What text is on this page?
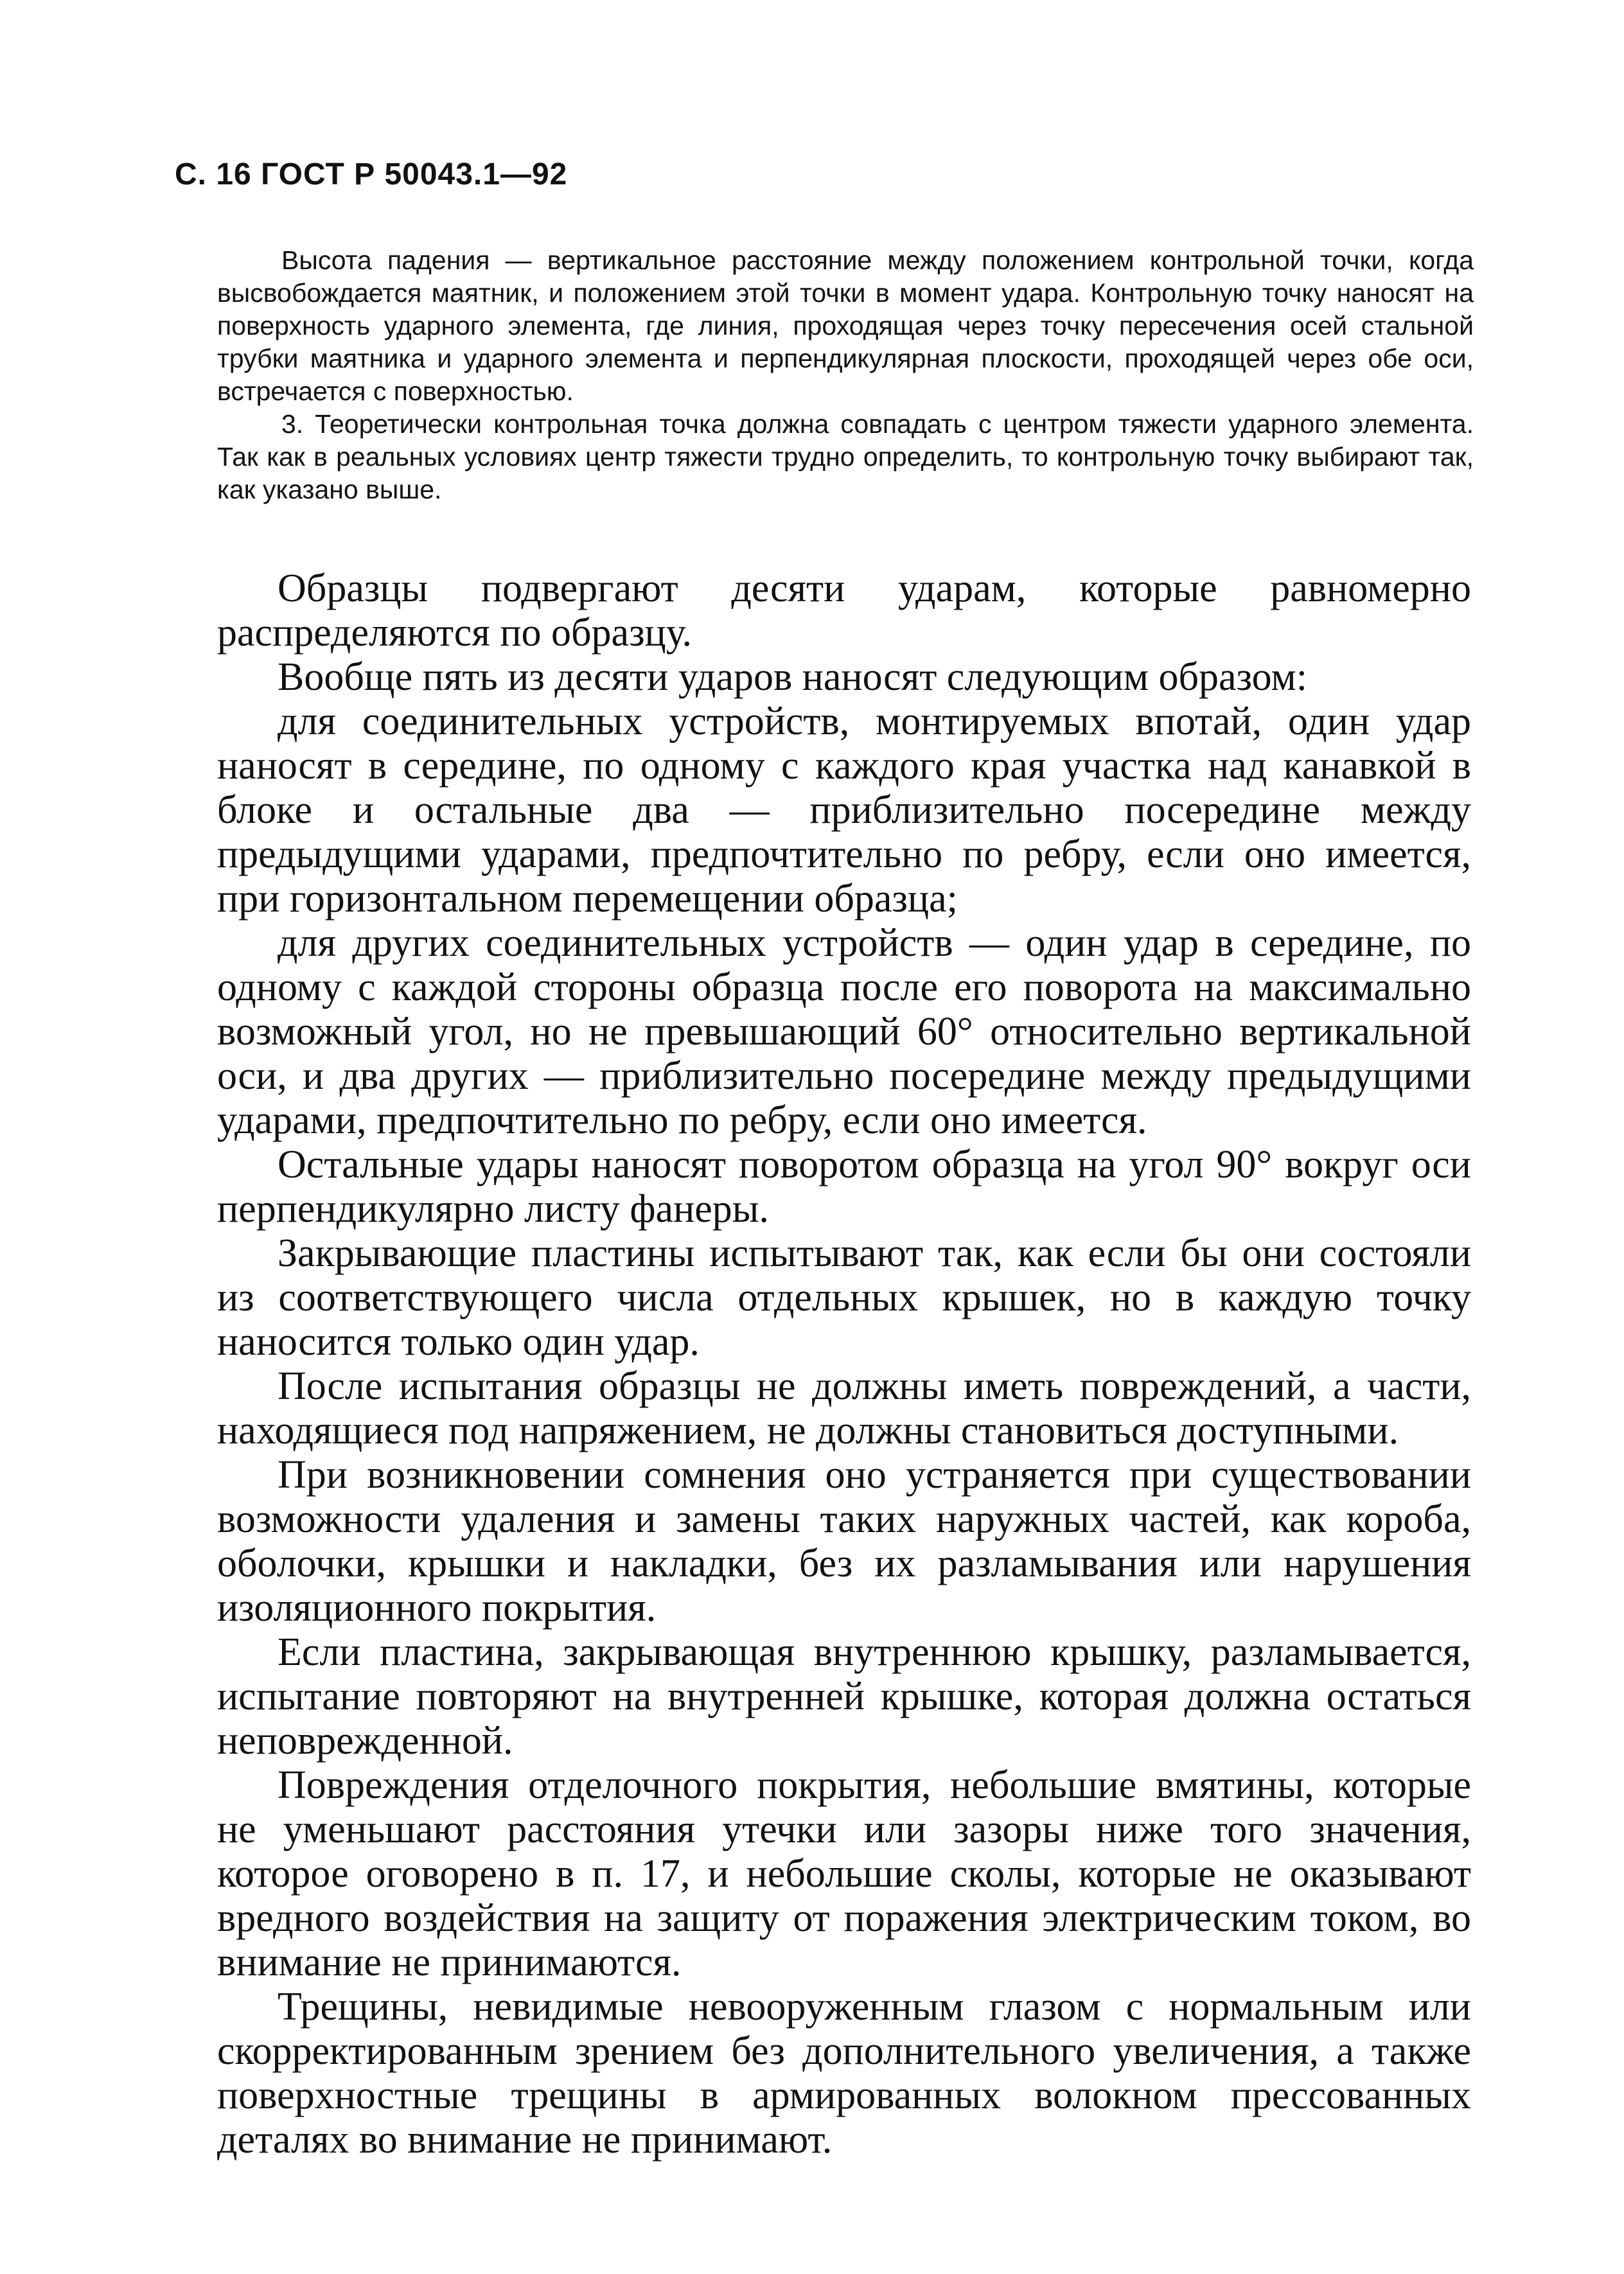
С. 16 ГОСТ Р 50043.1—92

Высота падения — вертикальное расстояние между положением контрольной точки, когда высвобождается маятник, и положением этой точки в момент удара. Контрольную точку наносят на поверхность ударного элемента, где линия, проходящая через точку пересечения осей стальной трубки маятника и ударного элемента и перпендикулярная плоскости, проходящей через обе оси, встречается с поверхностью.

3. Теоретически контрольная точка должна совпадать с центром тяжести ударного элемента. Так как в реальных условиях центр тяжести трудно определить, то контрольную точку выбирают так, как указано выше.

Образцы подвергают десяти ударам, которые равномерно распределяются по образцу.

Вообще пять из десяти ударов наносят следующим образом:

для соединительных устройств, монтируемых впотай, один удар наносят в середине, по одному с каждого края участка над канавкой в блоке и остальные два — приблизительно посередине между предыдущими ударами, предпочтительно по ребру, если оно имеется, при горизонтальном перемещении образца;

для других соединительных устройств — один удар в середине, по одному с каждой стороны образца после его поворота на максимально возможный угол, но не превышающий 60° относительно вертикальной оси, и два других — приблизительно посередине между предыдущими ударами, предпочтительно по ребру, если оно имеется.

Остальные удары наносят поворотом образца на угол 90° вокруг оси перпендикулярно листу фанеры.

Закрывающие пластины испытывают так, как если бы они состояли из соответствующего числа отдельных крышек, но в каждую точку наносится только один удар.

После испытания образцы не должны иметь повреждений, а части, находящиеся под напряжением, не должны становиться доступными.

При возникновении сомнения оно устраняется при существовании возможности удаления и замены таких наружных частей, как короба, оболочки, крышки и накладки, без их разламывания или нарушения изоляционного покрытия.

Если пластина, закрывающая внутреннюю крышку, разламывается, испытание повторяют на внутренней крышке, которая должна остаться неповрежденной.

Повреждения отделочного покрытия, небольшие вмятины, которые не уменьшают расстояния утечки или зазоры ниже того значения, которое оговорено в п. 17, и небольшие сколы, которые не оказывают вредного воздействия на защиту от поражения электрическим током, во внимание не принимаются.

Трещины, невидимые невооруженным глазом с нормальным или скорректированным зрением без дополнительного увеличения, а также поверхностные трещины в армированных волокном прессованных деталях во внимание не принимают.
